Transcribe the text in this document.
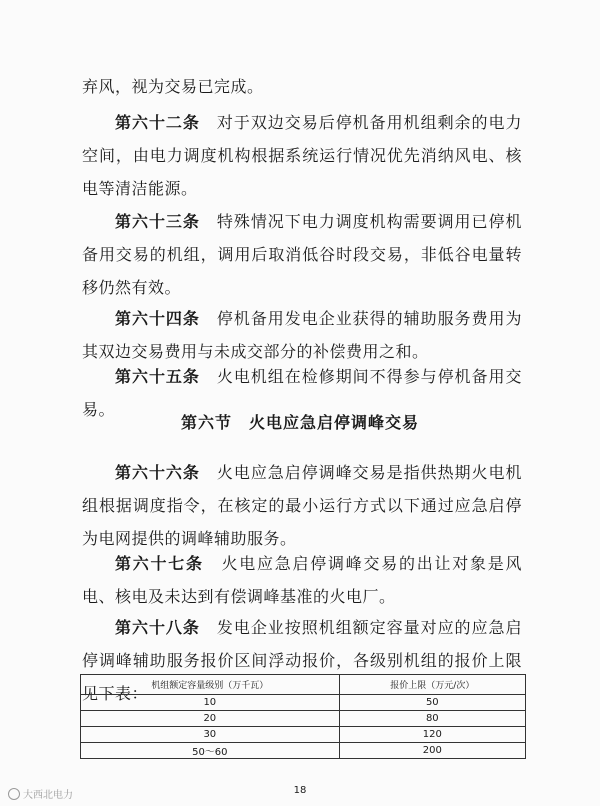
弃风，视为交易已完成。
第六十二条　 对于双边交易后停机备用机组剩余的电力空间，由电力调度机构根据系统运行情况优先消纳风电、核电等清洁能源。
第六十三条　 特殊情况下电力调度机构需要调用已停机备用交易的机组，调用后取消低谷时段交易，非低谷电量转移仍然有效。
第六十四条　 停机备用发电企业获得的辅助服务费用为其双边交易费用与未成交部分的补偿费用之和。
第六十五条　 火电机组在检修期间不得参与停机备用交易。
第六节　火电应急启停调峰交易
第六十六条　 火电应急启停调峰交易是指供热期火电机组根据调度指令，在核定的最小运行方式以下通过应急启停为电网提供的调峰辅助服务。
第六十七条　 火电应急启停调峰交易的出让对象是风电、核电及未达到有偿调峰基准的火电厂。
第六十八条　 发电企业按照机组额定容量对应的应急启停调峰辅助服务报价区间浮动报价，各级别机组的报价上限见下表： 机组额定容量级别（万千瓦）	报价上限（万元/次）
10	50
20	80
30	120
50～60	200
18
大西北电力
